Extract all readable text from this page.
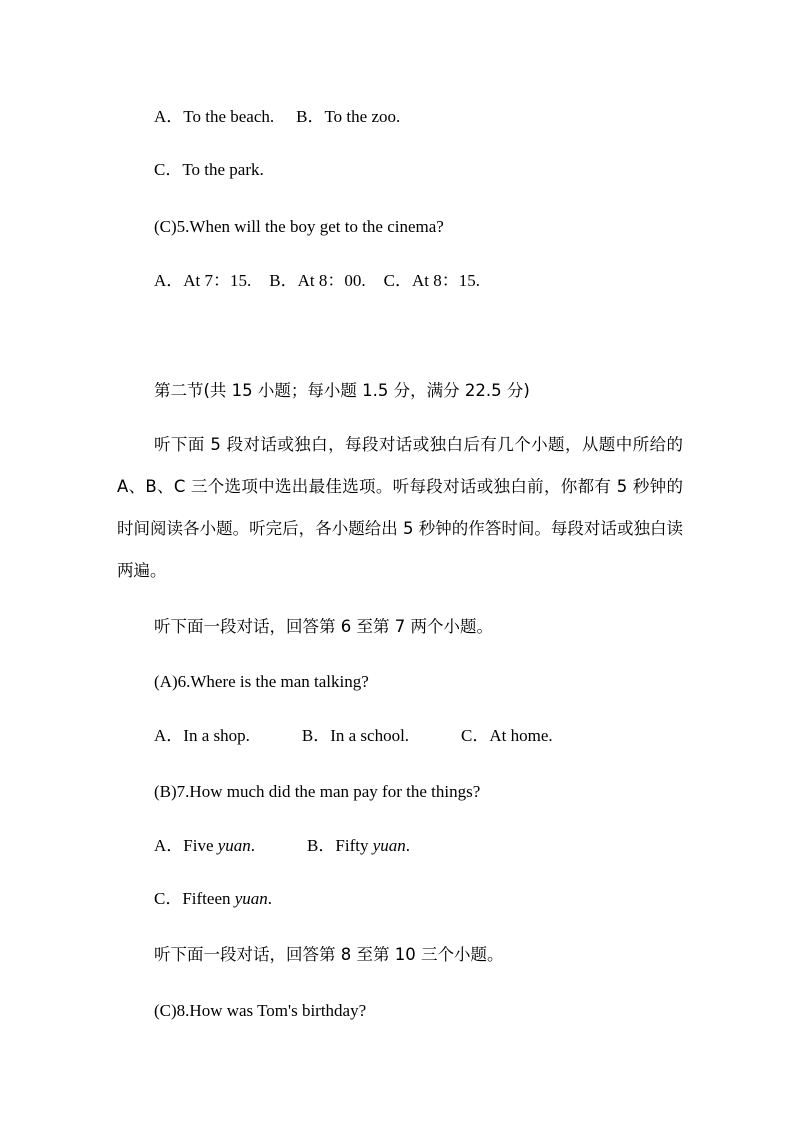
A．To the beach. B．To the zoo.
C．To the park.
(C)5.When will the boy get to the cinema?
A．At 7：15. B．At 8：00. C．At 8：15.
第二节(共 15 小题；每小题 1.5 分，满分 22.5 分)
听下面 5 段对话或独白，每段对话或独白后有几个小题，从题中所给的 A、B、C 三个选项中选出最佳选项。听每段对话或独白前，你都有 5 秒钟的时间阅读各小题。听完后，各小题给出 5 秒钟的作答时间。每段对话或独白读两遍。
听下面一段对话，回答第 6 至第 7 两个小题。
(A)6.Where is the man talking?
A．In a shop.	B．In a school.	C．At home.
(B)7.How much did the man pay for the things?
A．Five yuan.	B．Fifty yuan.
C．Fifteen yuan.
听下面一段对话，回答第 8 至第 10 三个小题。
(C)8.How was Tom's birthday?
